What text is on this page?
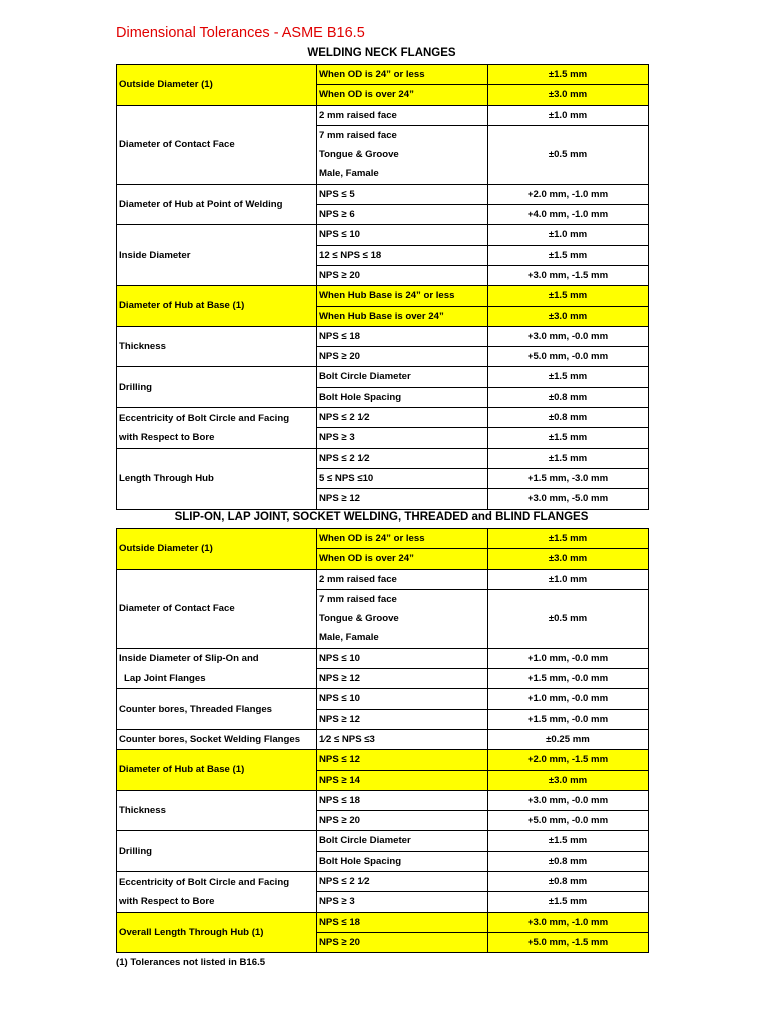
Dimensional Tolerances - ASME B16.5
WELDING NECK FLANGES
Outside Diameter (1)	When OD is 24” or less	±1.5 mm
	When OD is over 24”	±3.0 mm
Diameter of Contact Face	2 mm raised face	±1.0 mm
	7 mm raised face	±0.5 mm
	Tongue & Groove	
	Male, Famale	
Diameter of Hub at Point of Welding	NPS ≤ 5	+2.0 mm, -1.0 mm
	NPS ≥ 6	+4.0 mm, -1.0 mm
Inside Diameter	NPS ≤ 10	±1.0 mm
	12 ≤ NPS ≤ 18	±1.5 mm
	NPS ≥ 20	+3.0 mm, -1.5 mm
Diameter of Hub at Base (1)	When Hub Base is 24” or less	±1.5 mm
	When Hub Base is over 24”	±3.0 mm
Thickness	NPS ≤ 18	+3.0 mm, -0.0 mm
	NPS ≥ 20	+5.0 mm, -0.0 mm
Drilling	Bolt Circle Diameter	±1.5 mm
	Bolt Hole Spacing	±0.8 mm

Eccentricity of Bolt Circle and Facing
with Respect to Bore	NPS ≤ 2 1⁄2	±0.8 mm
	NPS ≥ 3	±1.5 mm
Length Through Hub	NPS ≤ 2 1⁄2	±1.5 mm
	5 ≤ NPS ≤10	+1.5 mm, -3.0 mm
	NPS ≥ 12	+3.0 mm, -5.0 mm
SLIP-ON, LAP JOINT, SOCKET WELDING, THREADED and BLIND FLANGES
Outside Diameter (1)	When OD is 24” or less	±1.5 mm
	When OD is over 24”	±3.0 mm
Diameter of Contact Face	2 mm raised face	±1.0 mm
	7 mm raised face	±0.5 mm
	Tongue & Groove	
	Male, Famale	

Inside Diameter of Slip-On and
Lap Joint Flanges	NPS ≤ 10	+1.0 mm, -0.0 mm
	NPS ≥ 12	+1.5 mm, -0.0 mm
Counter bores, Threaded Flanges	NPS ≤ 10	+1.0 mm, -0.0 mm
	NPS ≥ 12	+1.5 mm, -0.0 mm
Counter bores, Socket Welding Flanges	1⁄2 ≤ NPS ≤3	±0.25 mm
Diameter of Hub at Base (1)	NPS ≤ 12	+2.0 mm, -1.5 mm
	NPS ≥ 14	±3.0 mm
Thickness	NPS ≤ 18	+3.0 mm, -0.0 mm
	NPS ≥ 20	+5.0 mm, -0.0 mm
Drilling	Bolt Circle Diameter	±1.5 mm
	Bolt Hole Spacing	±0.8 mm

Eccentricity of Bolt Circle and Facing
with Respect to Bore	NPS ≤ 2 1⁄2	±0.8 mm
	NPS ≥ 3	±1.5 mm
Overall Length Through Hub (1)	NPS ≤ 18	+3.0 mm, -1.0 mm
	NPS ≥ 20	+5.0 mm, -1.5 mm
(1) Tolerances not listed in B16.5
